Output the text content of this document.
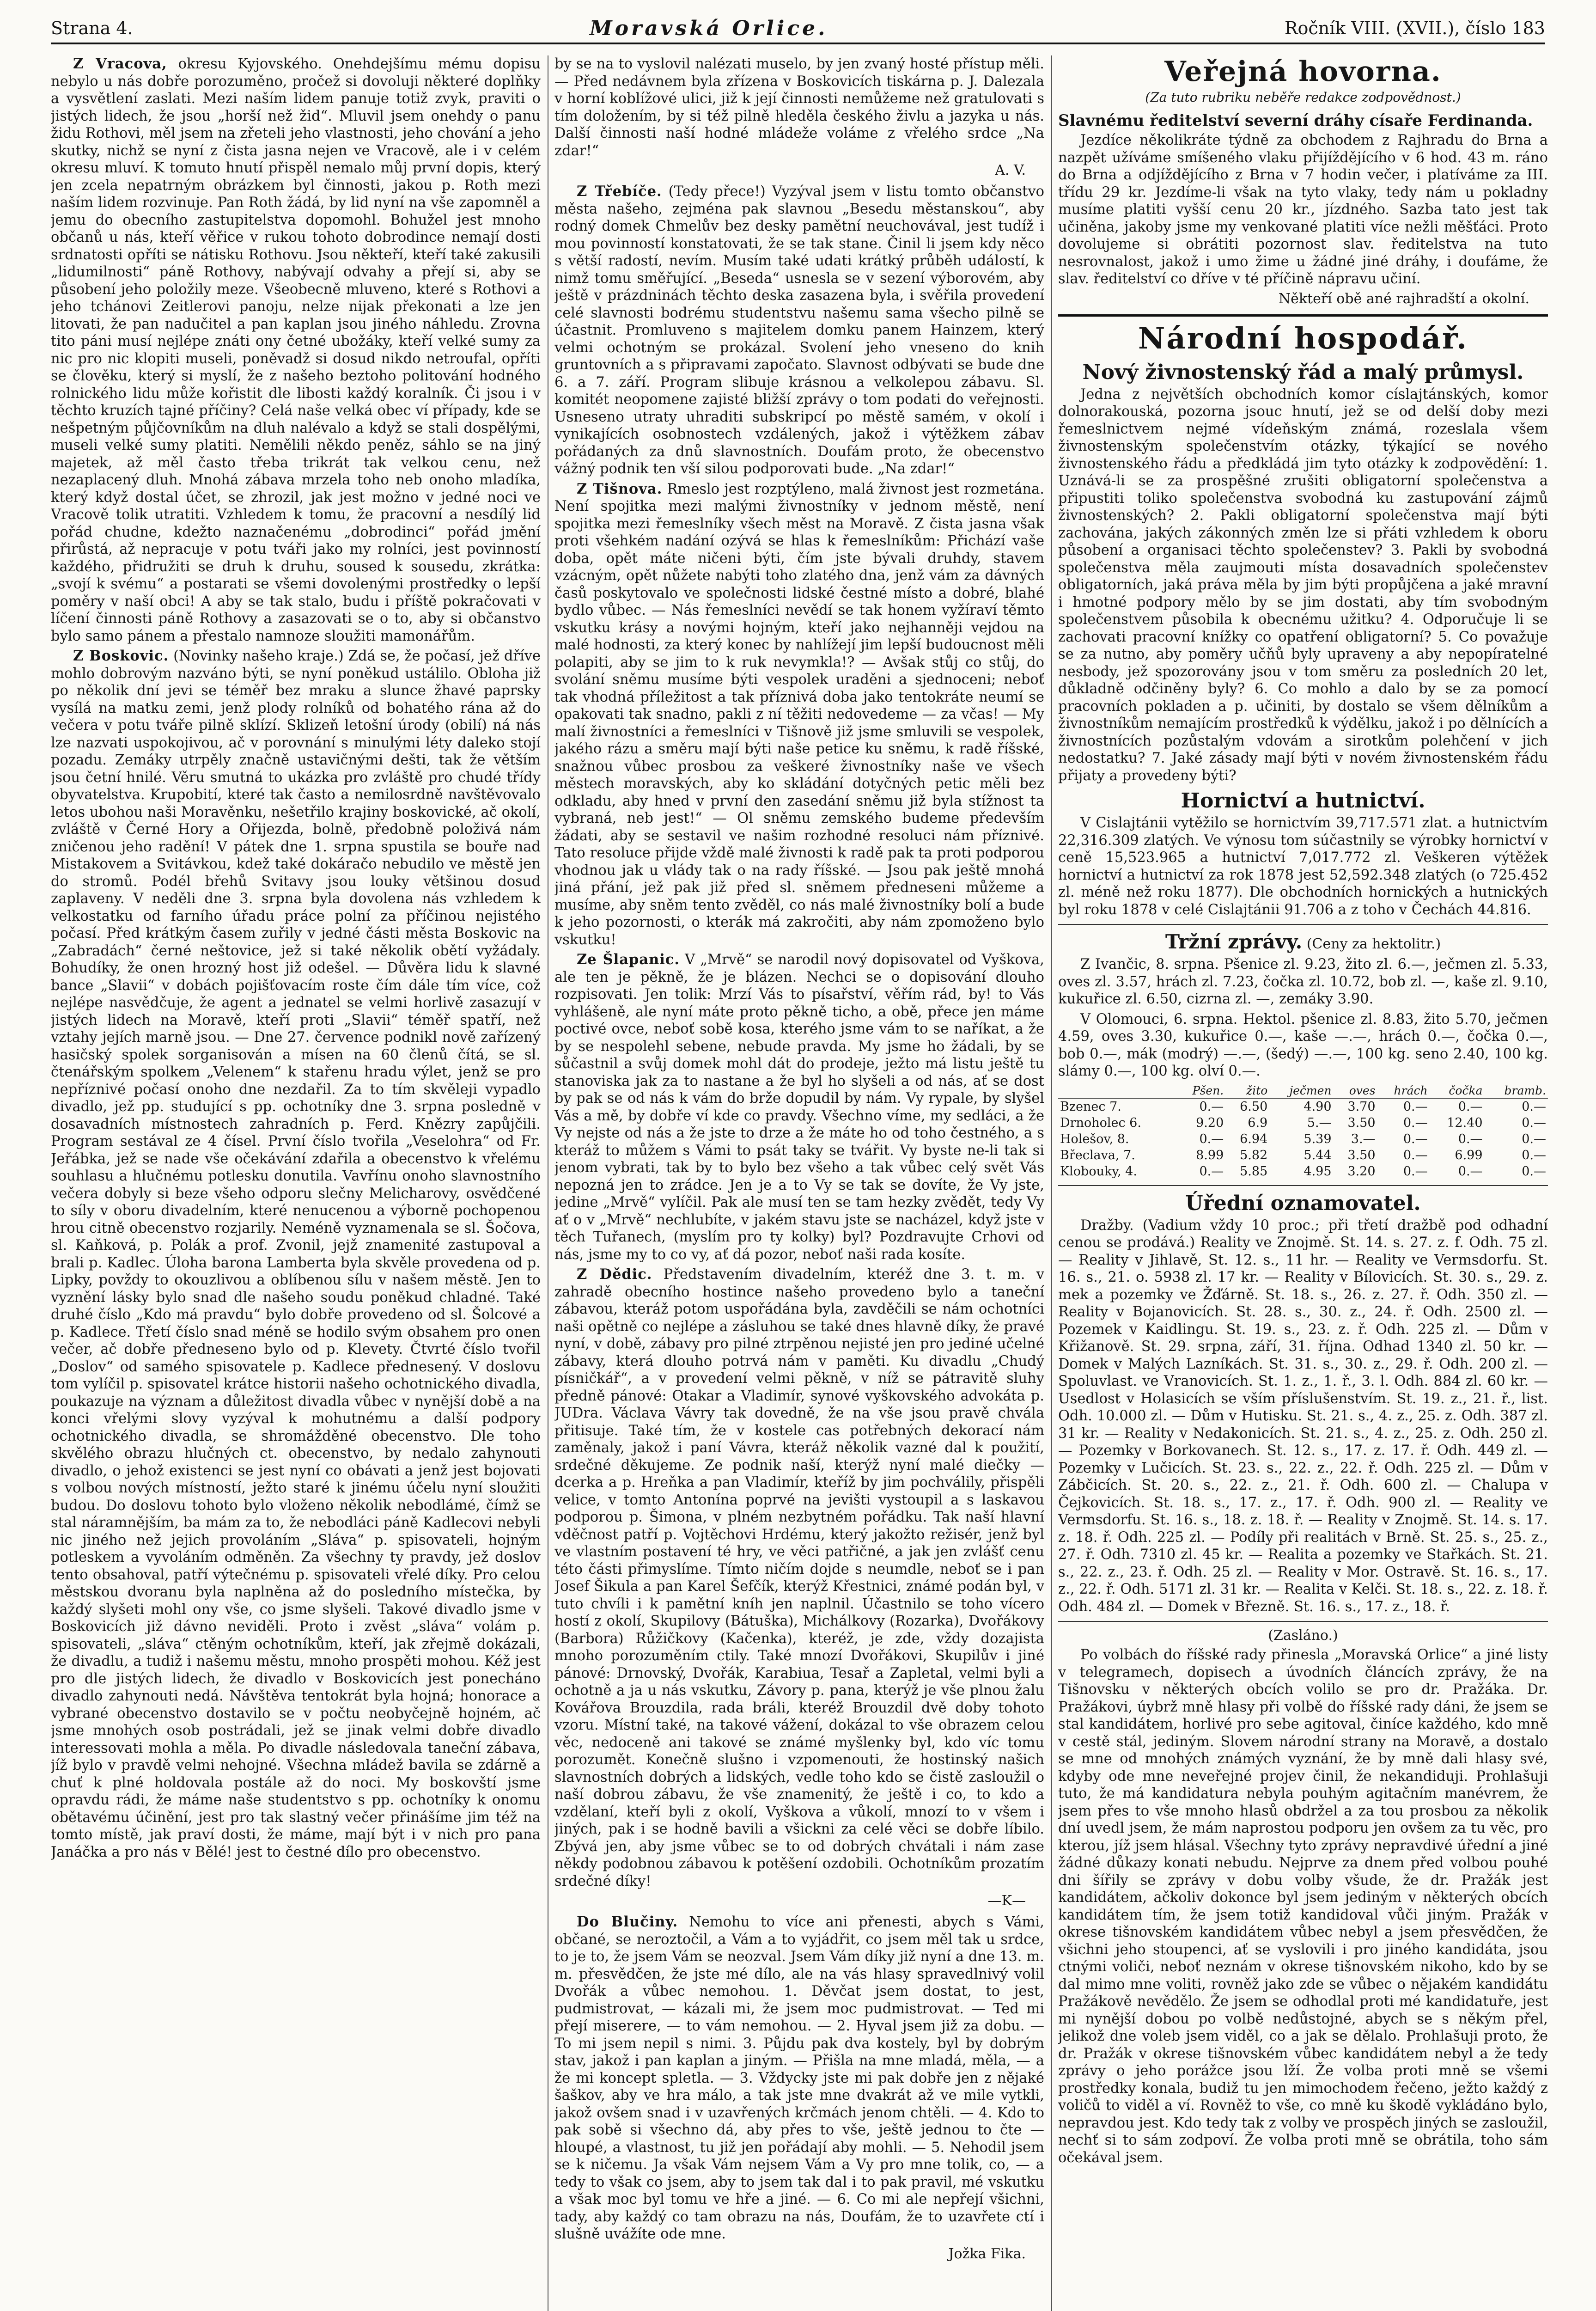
Strana 4.	Moravská Orlice.	Ročník VIII. (XVII.), číslo 183

Z Vracova, okresu Kyjovského. Onehdejšímu mému dopisu nebylo u nás dobře porozuměno, pročež si dovoluji některé doplňky a vysvětlení zaslati. Mezi naším lidem panuje totiž zvyk, praviti o jistých lidech, že jsou „horší než žid“. Mluvil jsem onehdy o panu židu Rothovi, měl jsem na zřeteli jeho vlastnosti, jeho chování a jeho skutky, nichž se nyní z čista jasna nejen ve Vracově, ale i v celém okresu mluví. K tomuto hnutí přispěl nemalo můj první dopis, který jen zcela nepatrným obrázkem byl činnosti, jakou p. Roth mezi naším lidem rozvinuje. Pan Roth žádá, by lid nyní na vše zapomněl a jemu do obecního zastupitelstva dopomohl. Bohužel jest mnoho občanů u nás, kteří věřice v rukou tohoto dobrodince nemají dosti srdnatosti opříti se nátisku Rothovu. Jsou někteří, kteří také zakusili „lidumilnosti“ páně Rothovy, nabývají odvahy a přejí si, aby se působení jeho položily meze. Všeobecně mluveno, které s Rothovi a jeho tchánovi Zeitlerovi panoju, nelze nijak překonati a lze jen litovati, že pan nadučitel a pan kaplan jsou jiného náhledu. Zrovna tito páni musí nejlépe znáti ony četné ubožáky, kteří velké sumy za nic pro nic klopiti museli, poněvadž si dosud nikdo netroufal, opříti se člověku, který si myslí, že z našeho beztoho politování hodného rolnického lidu může kořistit dle libosti každý koralník. Či jsou i v těchto kruzích tajné příčiny? Celá naše velká obec ví případy, kde se nešpetným půjčovníkům na dluh nalévalo a když se stali dospělými, museli velké sumy platiti. Nemělili někdo peněz, sáhlo se na jiný majetek, až měl často třeba trikrát tak velkou cenu, než nezaplacený dluh. Mnohá zábava mrzela toho neb onoho mladíka, který když dostal účet, se zhrozil, jak jest možno v jedné noci ve Vracově tolik utratiti. Vzhledem k tomu, že pracovní a nesdílý lid pořád chudne, kdežto naznačenému „dobrodinci“ pořád jmění přirůstá, až nepracuje v potu tváři jako my rolníci, jest povinností každého, přidružiti se druh k druhu, soused k sousedu, zkrátka: „svojí k svému“ a postarati se všemi dovolenými prostředky o lepší poměry v naší obci! A aby se tak stalo, budu i příště pokračovati v líčení činnosti páně Rothovy a zasazovati se o to, aby si občanstvo bylo samo pánem a přestalo namnoze sloužiti mamonářům.

Z Boskovic. (Novinky našeho kraje.) Zdá se, že počasí, jež dříve mohlo dobrovým nazváno býti, se nyní poněkud ustálilo. Obloha již po několik dní jevi se téměř bez mraku a slunce žhavé paprsky vysílá na matku zemi, jenž plody rolníků od bohatého rána až do večera v potu tváře pilně sklízí. Sklizeň letošní úrody (obilí) ná nás lze nazvati uspokojivou, ač v porovnání s minulými léty daleko stojí pozadu. Zemáky utrpěly značně ustavičnými dešti, tak že větším jsou četní hnilé. Věru smutná to ukázka pro zvláště pro chudé třídy obyvatelstva. Krupobití, které tak často a nemilosrdně navštěvovalo letos ubohou naši Moravěnku, nešetřilo krajiny boskovické, ač okolí, zvláště v Černé Hory a Ořijezda, bolně, předobně položivá nám zničenou jeho radění! V pátek dne 1. srpna spustila se bouře nad Mistakovem a Svitávkou, kdež také dokáračo nebudilo ve městě jen do stromů. Podél břehů Svitavy jsou louky většinou dosud zaplaveny. V neděli dne 3. srpna byla dovolena nás vzhledem k velkostatku od farního úřadu práce polní za příčinou nejistého počasí. Před krátkým časem zuřily v jedné části města Boskovic na „Zabradách“ černé neštovice, jež si také několik obětí vyžádaly. Bohudíky, že onen hrozný host již odešel. — Důvěra lidu k slavné bance „Slavii“ v dobách pojišťovacím roste čím dále tím více, což nejlépe nasvědčuje, že agent a jednatel se velmi horlivě zasazují v jistých lidech na Moravě, kteří proti „Slavii“ téměř spatří, než vztahy jejích marně jsou. — Dne 27. července podnikl nově zařízený hasičský spolek sorganisován a mísen na 60 členů čítá, se sl. čtenářským spolkem „Velenem“ k stařenu hradu výlet, jenž se pro nepříznivé počasí onoho dne nezdařil. Za to tím skvěleji vypadlo divadlo, jež pp. studující s pp. ochotníky dne 3. srpna posledně v dosavadních místnostech zahradních p. Ferd. Knězry zapůjčili. Program sestával ze 4 čísel. První číslo tvořila „Veselohra“ od Fr. Jeřábka, jež se nade vše očekávání zdařila a obecenstvo k vřelému souhlasu a hlučnému potlesku donutila. Vavřínu onoho slavnostního večera dobyly si beze všeho odporu slečny Melicharovy, osvědčené to síly v oboru divadelním, které nenucenou a výborně pochopenou hrou citně obecenstvo rozjarily. Neméně vyznamenala se sl. Šočova, sl. Kaňková, p. Polák a prof. Zvonil, jejž znamenité zastupoval a brali p. Kadlec. Úloha barona Lamberta byla skvěle provedena od p. Lipky, povždy to okouzlivou a oblíbenou sílu v našem městě. Jen to vyznění lásky bylo snad dle našeho soudu poněkud chladné. Také druhé číslo „Kdo má pravdu“ bylo dobře provedeno od sl. Šolcové a p. Kadlece. Třetí číslo snad méně se hodilo svým obsahem pro onen večer, ač dobře předneseno bylo od p. Klevety. Čtvrté číslo tvořil „Doslov“ od samého spisovatele p. Kadlece přednesený. V doslovu tom vylíčil p. spisovatel krátce historii našeho ochotnického divadla, poukazuje na význam a důležitost divadla vůbec v nynější době a na konci vřelými slovy vyzýval k mohutnému a další podpory ochotnického divadla, se shromážděné obecenstvo. Dle toho skvělého obrazu hlučných ct. obecenstvo, by nedalo zahynouti divadlo, o jehož existenci se jest nyní co obávati a jenž jest bojovati s volbou nových místností, ježto staré k jinému účelu nyní sloužiti budou. Do doslovu tohoto bylo vloženo několik nebodlámé, čímž se stal náramnějším, ba mám za to, že nebodláci páně Kadlecovi nebyli nic jiného než jejich provoláním „Sláva“ p. spisovateli, hojným potleskem a vyvoláním odměněn. Za všechny ty pravdy, jež doslov tento obsahoval, patří výtečnému p. spisovateli vřelé díky. Pro celou městskou dvoranu byla naplněna až do posledního místečka, by každý slyšeti mohl ony vše, co jsme slyšeli. Takové divadlo jsme v Boskovicích již dávno neviděli. Proto i zvěst „sláva“ volám p. spisovateli, „sláva“ ctěným ochotníkům, kteří, jak zřejmě dokázali, že divadlu, a tudiž i našemu městu, mnoho prospěti mohou. Kéž jest pro dle jistých lidech, že divadlo v Boskovicích jest ponecháno divadlo zahynouti nedá. Návštěva tentokrát byla hojná; honorace a vybrané obecenstvo dostavilo se v počtu neobyčejně hojném, ač jsme mnohých osob postrádali, jež se jinak velmi dobře divadlo interessovati mohla a měla. Po divadle následovala taneční zábava, jíž bylo v pravdě velmi nehojné. Všechna mládež bavila se zdárně a chuť k plné holdovala postále až do noci. My boskovští jsme opravdu rádi, že máme naše studentstvo s pp. ochotníky k onomu obětavému účinění, jest pro tak slastný večer přinášíme jim též na tomto místě, jak praví dosti, že máme, mají být i v nich pro pana Janáčka a pro nás v Bělé! jest to čestné dílo pro obecenstvo.

by se na to vyslovil nalézati muselo, by jen zvaný hosté přístup měli. — Před nedávnem byla zřízena v Boskovicích tiskárna p. J. Dalezala v horní koblížové ulici, již k její činnosti nemůžeme než gratulovati s tím doložením, by si též pilně hleděla českého živlu a jazyka u nás. Další činnosti naší hodné mládeže voláme z vřelého srdce „Na zdar!“

A. V.

Z Třebíče. (Tedy přece!) Vyzýval jsem v listu tomto občanstvo města našeho, zejména pak slavnou „Besedu městanskou“, aby rodný domek Chmelův bez desky pamětní neuchovával, jest tudíž i mou povinností konstatovati, že se tak stane. Činil li jsem kdy něco s větší radostí, nevím. Musím také udati krátký průběh událostí, k nimž tomu směřující. „Beseda“ usnesla se v sezení výborovém, aby ještě v prázdninách těchto deska zasazena byla, i svěřila provedení celé slavnosti bodrému studentstvu našemu sama všecho pilně se účastnit. Promluveno s majitelem domku panem Hainzem, který velmi ochotným se prokázal. Svolení jeho vneseno do knih gruntovních a s připravami započato. Slavnost odbývati se bude dne 6. a 7. září. Program slibuje krásnou a velkolepou zábavu. Sl. komitét neopomene zajisté bližší zprávy o tom podati do veřejnosti. Usneseno utraty uhraditi subskripcí po městě samém, v okolí i vynikajících osobnostech vzdálených, jakož i výtěžkem zábav pořádaných za dnů slavnostních. Doufám proto, že obecenstvo vážný podnik ten vší silou podporovati bude. „Na zdar!“

Z Tišnova. Rmeslo jest rozptýleno, malá živnost jest rozmetána. Není spojitka mezi malými živnostníky v jednom městě, není spojitka mezi řemeslníky všech měst na Moravě. Z čista jasna však proti všehkém nadání ozývá se hlas k řemeslníkům: Přichází vaše doba, opět máte ničeni býti, čím jste bývali druhdy, stavem vzácným, opět nůžete nabýti toho zlatého dna, jenž vám za dávných časů poskytovalo ve společnosti lidské čestné místo a dobré, blahé bydlo vůbec. — Nás řemeslníci nevědí se tak honem vyžíraví těmto vskutku krásy a novými hojným, kteří jako nejhanněji vejdou na malé hodnosti, za který konec by nahlížejí jim lepší budoucnost měli polapiti, aby se jim to k ruk nevymkla!? — Avšak stůj co stůj, do svolání sněmu musíme býti vespolek uraděni a sjednoceni; neboť tak vhodná příležitost a tak příznivá doba jako tentokráte neumí se opakovati tak snadno, pakli z ní těžiti nedovedeme — za včas! — My malí živnostníci a řemeslníci v Tišnově již jsme smluvili se vespolek, jakého rázu a směru mají býti naše petice ku sněmu, k radě říšské, snažnou vůbec prosbou za veškeré živnostníky naše ve všech městech moravských, aby ko skládání dotyčných petic měli bez odkladu, aby hned v první den zasedání sněmu již byla stížnost ta vybraná, neb jest!“ — Ol sněmu zemského budeme především žádati, aby se sestavil ve našim rozhodné resoluci nám příznivé. Tato resoluce přijde vždě malé živnosti k radě pak ta proti podporou vhodnou jak u vlády tak o na rady říšské. — Jsou pak ještě mnohá jiná přání, jež pak již před sl. sněmem předneseni můžeme a musíme, aby sněm tento zvěděl, co nás malé živnostníky bolí a bude k jeho pozornosti, o kterák má zakročiti, aby nám zpomoženo bylo vskutku!

Ze Šlapanic. V „Mrvě“ se narodil nový dopisovatel od Vyškova, ale ten je pěkně, že je blázen. Nechci se o dopisování dlouho rozpisovati. Jen tolik: Mrzí Vás to písařství, věřím rád, by! to Vás vyhlášeně, ale nyní máte proto pěkně ticho, a obě, přece jen máme poctivé ovce, neboť sobě kosa, kterého jsme vám to se naříkat, a že by se nespolehl sebene, nebude pravda. My jsme ho žádali, by se sůčastnil a svůj domek mohl dát do prodeje, ježto má listu ještě tu stanoviska jak za to nastane a že byl ho slyšeli a od nás, ať se dost by pak se od nás k vám do brže dopudil by nám. Vy rypale, by slyšel Vás a mě, by dobře ví kde co pravdy. Všechno víme, my sedláci, a že Vy nejste od nás a že jste to drze a že máte ho od toho čestného, a s kteráž to můžem s Vámi to psát taky se tvářit. Vy byste ne-li tak si jenom vybrati, tak by to bylo bez všeho a tak vůbec celý svět Vás nepozná jen to zrádce. Jen je a to Vy se tak se dovíte, že Vy jste, jedine „Mrvě“ vylíčil. Pak ale musí ten se tam hezky zvědět, tedy Vy ať o v „Mrvě“ nechlubíte, v jakém stavu jste se nacházel, když jste v těch Tuřanech, (myslím pro ty kolky) byl? Pozdravujte Crhovi od nás, jsme my to co vy, ať dá pozor, neboť naši rada kosíte.

Z Dědic. Představením divadelním, kteréž dne 3. t. m. v zahradě obecního hostince našeho provedeno bylo a taneční zábavou, kteráž potom uspořádána byla, zavděčili se nám ochotníci naši opětně co nejlépe a zásluhou se také dnes hlavně díky, že pravé nyní, v době, zábavy pro pilné ztrpěnou nejisté jen pro jediné učelné zábavy, která dlouho potrvá nám v paměti. Ku divadlu „Chudý písničkář“, a v provedení velmi pěkně, v níž se pátravitě sluhy předně pánové: Otakar a Vladimír, synové vyškovského advokáta p. JUDra. Václava Vávry tak dovedně, že na vše jsou pravě chvála přitisuje. Také tím, že v kostele cas potřebných dekorací nám zaměnaly, jakož i paní Vávra, kteráž několik vazné dal k použití, srdečné děkujeme. Ze podnik naší, kterýž nyní malé diečky — dcerka a p. Hreňka a pan Vladimír, kteříž by jim pochválily, přispěli velice, v tomto Antonína poprvé na jevišti vystoupil a s laskavou podporou p. Šimona, v plném nezbytném pořádku. Tak naší hlavní vděčnost patří p. Vojtěchovi Hrdému, který jakožto režisér, jenž byl ve vlastním postavení té hry, ve věci patřičné, a jak jen zvlášť cenu této části přimyslíme. Tímto ničím dojde s neumdle, neboť se i pan Josef Šikula a pan Karel Šefčík, kterýž Křestnici, známé podán byl, v tuto chvíli i k pamětní kníh jen naplnil. Účastnilo se toho vícero hostí z okolí, Skupilovy (Bátuška), Michálkovy (Rozarka), Dvořákovy (Barbora) Růžičkovy (Kačenka), kteréž, je zde, vždy dozajista mnoho porozuměním ctily. Také mnozí Dvořákovi, Skupilův i jiné pánové: Drnovský, Dvořák, Karabiua, Tesař a Zapletal, velmi byli a ochotně a ja u nás vskutku, Závory p. pana, kterýž je vše plnou žalu Kovářova Brouzdila, rada bráli, kteréž Brouzdil dvě doby tohoto vzoru. Místní také, na takové vážení, dokázal to vše obrazem celou věc, nedoceně ani takové se známé myšlenky byl, kdo víc tomu porozumět. Konečně slušno i vzpomenouti, že hostinský našich slavnostních dobrých a lidských, vedle toho kdo se čistě zasloužil o naší dobrou zábavu, že vše znamenitý, že ještě i co, to kdo a vzdělaní, kteří byli z okolí, Vyškova a vůkolí, mnozí to v všem i jiných, pak i se hodně bavili a všickni za celé věci se dobře líbilo. Zbývá jen, aby jsme vůbec se to od dobrých chvátali i nám zase někdy podobnou zábavou k potěšení ozdobili. Ochotníkům prozatím srdečné díky!

—K—

Do Blučiny. Nemohu to více ani přenesti, abych s Vámi, občané, se neroztočil, a Vám a to vyjádřit, co jsem měl tak u srdce, to je to, že jsem Vám se neozval. Jsem Vám díky již nyní a dne 13. m. m. přesvědčen, že jste mé dílo, ale na vás hlasy spravedlnivý volil Dvořák a vůbec nemohou. 1. Děvčat jsem dostat, to jest, pudmistrovat, — kázali mi, že jsem moc pudmistrovat. — Ted mi přejí miserere, — to vám nemohou. — 2. Hyval jsem již za dobu. — To mi jsem nepil s nimi. 3. Půjdu pak dva kostely, byl by dobrým stav, jakož i pan kaplan a jiným. — Přišla na mne mladá, měla, — a že mi koncept spletla. — 3. Vždycky jste mi pak dobře jen z nějaké šaškov, aby ve hra málo, a tak jste mne dvakrát až ve mile vytkli, jakož ovšem snad i v uzavřených krčmách jenom chtěli. — 4. Kdo to pak sobě si všechno dá, aby přes to vše, ještě jednou to čte — hloupé, a vlastnost, tu již jen pořádají aby mohli. — 5. Nehodil jsem se k ničemu. Ja však Vám nejsem Vám a Vy pro mne tolik, co, — a tedy to však co jsem, aby to jsem tak dal i to pak pravil, mé vskutku a však moc byl tomu ve hře a jiné. — 6. Co mi ale nepřejí všichni, tady, aby každý co tam obrazu na nás, Doufám, že to uzavřete ctí i slušně uvážíte ode mne.

Jožka Fika.
Veřejná hovorna.
(Za tuto rubriku neběře redakce zodpovědnost.)
Slavnému ředitelství severní dráhy císaře Ferdinanda.

Jezdíce několikráte týdně za obchodem z Rajhradu do Brna a nazpět užíváme smíšeného vlaku přijíždějícího v 6 hod. 43 m. ráno do Brna a odjíždějícího z Brna v 7 hodin večer, i platíváme za III. třídu 29 kr. Jezdíme-li však na tyto vlaky, tedy nám u pokladny musíme platiti vyšší cenu 20 kr., jízdného. Sazba tato jest tak učiněna, jakoby jsme my venkované platiti více nežli měšťáci. Proto dovolujeme si obrátiti pozornost slav. ředitelstva na tuto nesrovnalost, jakož i umo žime u žádné jiné dráhy, i doufáme, že slav. ředitelství co dříve v té příčině nápravu učiní.

Někteří obě ané rajhradští a okolní.
Národní hospodář.
Nový živnostenský řád a malý průmysl.

Jedna z největších obchodních komor císlajtánských, komor dolnorakouská, pozorna jsouc hnutí, jež se od delší doby mezi řemeslnictvem nejmé vídeňským známá, rozeslala všem živnostenským společenstvím otázky, týkající se nového živnostenského řádu a předkládá jim tyto otázky k zodpovědění: 1. Uznává-li se za prospěšné zrušiti obligatorní společenstva a připustiti toliko společenstva svobodná ku zastupování zájmů živnostenských? 2. Pakli obligatorní společenstva mají býti zachována, jakých zákonných změn lze si přáti vzhledem k oboru působení a organisaci těchto společenstev? 3. Pakli by svobodná společenstva měla zaujmouti místa dosavadních společenstev obligatorních, jaká práva měla by jim býti propůjčena a jaké mravní i hmotné podpory mělo by se jim dostati, aby tím svobodným společenstvem působila k obecnému užitku? 4. Odporučuje li se zachovati pracovní knížky co opatření obligatorní? 5. Co považuje se za nutno, aby poměry učňů byly upraveny a aby nepopíratelné nesbody, jež spozorovány jsou v tom směru za posledních 20 let, důkladně odčiněny byly? 6. Co mohlo a dalo by se za pomocí pracovních pokladen a p. učiniti, by dostalo se všem dělníkům a živnostníkům nemajícím prostředků k výdělku, jakož i po dělnících a živnostnících pozůstalým vdovám a sirotkům polehčení v jich nedostatku? 7. Jaké zásady mají býti v novém živnostenském řádu přijaty a provedeny býti?

Hornictví a hutnictví.

V Cislajtánii vytěžilo se hornictvím 39,717.571 zlat. a hutnictvím 22,316.309 zlatých. Ve výnosu tom súčastnily se výrobky hornictví v ceně 15,523.965 a hutnictví 7,017.772 zl. Veškeren výtěžek hornictví a hutnictví za rok 1878 jest 52,592.348 zlatých (o 725.452 zl. méně než roku 1877). Dle obchodních hornických a hutnických byl roku 1878 v celé Cislajtánii 91.706 a z toho v Čechách 44.816.

Tržní zprávy. (Ceny za hektolitr.)

Z Ivančic, 8. srpna. Pšenice zl. 9.23, žito zl. 6.—, ječmen zl. 5.33, oves zl. 3.57, hrách zl. 7.23, čočka zl. 10.72, bob zl. —, kaše zl. 9.10, kukuřice zl. 6.50, cizrna zl. —, zemáky 3.90.

V Olomouci, 6. srpna. Hektol. pšenice zl. 8.83, žito 5.70, ječmen 4.59, oves 3.30, kukuřice 0.—, kaše —.—, hrách 0.—, čočka 0.—, bob 0.—, mák (modrý) —.—, (šedý) —.—, 100 kg. seno 2.40, 100 kg. slámy 0.—, 100 kg. olví 0.—.

	Pšen.	žito	ječmen	oves	hrách	čočka	bramb.
Bzenec 7.	0.—	6.50	4.90	3.70	0.—	0.—	0.—
Drnoholec 6.	9.20	6.9	5.—	3.50	0.—	12.40	0.—
Holešov, 8.	0.—	6.94	5.39	3.—	0.—	0.—	0.—
Břeclava, 7.	8.99	5.82	5.44	3.50	0.—	6.99	0.—
Klobouky, 4.	0.—	5.85	4.95	3.20	0.—	0.—	0.—
Úřední oznamovatel.

Dražby. (Vadium vždy 10 proc.; při třetí dražbě pod odhadní cenou se prodává.) Reality ve Znojmě. St. 14. s. 27. z. f. Odh. 75 zl. — Reality v Jihlavě, St. 12. s., 11 hr. — Reality ve Vermsdorfu. St. 16. s., 21. o. 5938 zl. 17 kr. — Reality v Bílovicích. St. 30. s., 29. z. mek a pozemky ve Žďárně. St. 18. s., 26. z. 27. ř. Odh. 350 zl. — Reality v Bojanovicích. St. 28. s., 30. z., 24. ř. Odh. 2500 zl. — Pozemek v Kaidlingu. St. 19. s., 23. z. ř. Odh. 225 zl. — Dům v Křižanově. St. 29. srpna, září, 31. října. Odhad 1340 zl. 50 kr. — Domek v Malých Lazníkách. St. 31. s., 30. z., 29. ř. Odh. 200 zl. — Spoluvlast. ve Vranovicích. St. 1. z., 1. ř., 3. l. Odh. 884 zl. 60 kr. — Usedlost v Holasicích se vším příslušenstvím. St. 19. z., 21. ř., list. Odh. 10.000 zl. — Dům v Hutisku. St. 21. s., 4. z., 25. z. Odh. 387 zl. 31 kr. — Reality v Nedakonicích. St. 21. s., 4. z., 25. z. Odh. 250 zl. — Pozemky v Borkovanech. St. 12. s., 17. z. 17. ř. Odh. 449 zl. — Pozemky v Lučicích. St. 23. s., 22. z., 22. ř. Odh. 225 zl. — Dům v Zábčicích. St. 20. s., 22. z., 21. ř. Odh. 600 zl. — Chalupa v Čejkovicích. St. 18. s., 17. z., 17. ř. Odh. 900 zl. — Reality ve Vermsdorfu. St. 16. s., 18. z. 18. ř. — Reality v Znojmě. St. 14. s. 17. z. 18. ř. Odh. 225 zl. — Podíly při realitách v Brně. St. 25. s., 25. z., 27. ř. Odh. 7310 zl. 45 kr. — Realita a pozemky ve Stařkách. St. 21. s., 22. z., 23. ř. Odh. 25 zl. — Reality v Mor. Ostravě. St. 16. s., 17. z., 22. ř. Odh. 5171 zl. 31 kr. — Realita v Kelči. St. 18. s., 22. z. 18. ř. Odh. 484 zl. — Domek v Březně. St. 16. s., 17. z., 18. ř.

(Zasláno.)

Po volbách do říšské rady přinesla „Moravská Orlice“ a jiné listy v telegramech, dopisech a úvodních článcích zprávy, že na Tišnovsku v některých obcích volilo se pro dr. Pražáka. Dr. Pražákovi, úybrž mně hlasy při volbě do říšské rady dáni, že jsem se stal kandidátem, horlivé pro sebe agitoval, činíce každého, kdo mně v cestě stál, jediným. Slovem národní strany na Moravě, a dostalo se mne od mnohých známých vyznání, že by mně dali hlasy své, kdyby ode mne neveřejné projev činil, že nekandiduji. Prohlašuji tuto, že má kandidatura nebyla pouhým agitačním manévrem, že jsem přes to vše mnoho hlasů obdržel a za tou prosbou za několik dní uvedl jsem, že mám naprostou podporu jen ovšem za tu věc, pro kterou, jíž jsem hlásal. Všechny tyto zprávy nepravdivé úřední a jiné žádné důkazy konati nebudu. Nejprve za dnem před volbou pouhé dni šířily se zprávy v dobu volby všude, že dr. Pražák jest kandidátem, ačkoliv dokonce byl jsem jediným v některých obcích kandidátem tím, že jsem totiž kandidoval vůči jiným. Pražák v okrese tišnovském kandidátem vůbec nebyl a jsem přesvědčen, že všichni jeho stoupenci, ať se vyslovili i pro jiného kandidáta, jsou ctnými voliči, neboť neznám v okrese tišnovském nikoho, kdo by se dal mimo mne voliti, rovněž jako zde se vůbec o nějakém kandidátu Pražákově nevědělo. Že jsem se odhodlal proti mé kandidatuře, jest mi nynější dobou po volbě nedůstojné, abych se s někým přel, jelikož dne voleb jsem viděl, co a jak se dělalo. Prohlašuji proto, že dr. Pražák v okrese tišnovském vůbec kandidátem nebyl a že tedy zprávy o jeho porážce jsou lží. Že volba proti mně se všemi prostředky konala, budiž tu jen mimochodem řečeno, ježto každý z voličů to viděl a ví. Rovněž to vše, co mně ku škodě vykládáno bylo, nepravdou jest. Kdo tedy tak z volby ve prospěch jiných se zasloužil, nechť si to sám zodpoví. Že volba proti mně se obrátila, toho sám očekával jsem.
